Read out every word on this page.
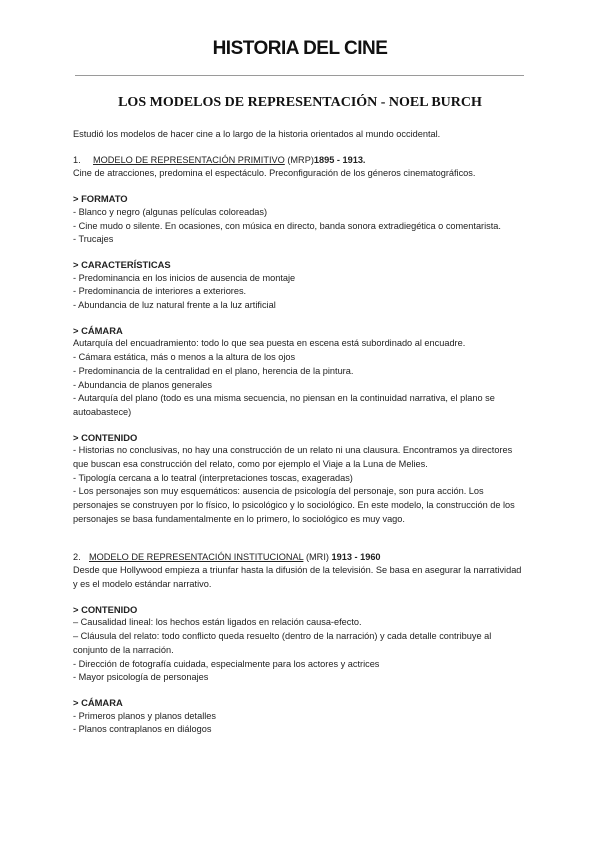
HISTORIA DEL CINE
LOS MODELOS DE REPRESENTACIÓN - NOEL BURCH

Estudió los modelos de hacer cine a lo largo de la historia orientados al mundo occidental.

1. MODELO DE REPRESENTACIÓN PRIMITIVO (MRP)1895 - 1913.

Cine de atracciones, predomina el espectáculo. Preconfiguración de los géneros cinematográficos.

> FORMATO

- Blanco y negro (algunas películas coloreadas)

- Cine mudo o silente. En ocasiones, con música en directo, banda sonora extradiegética o comentarista.

- Trucajes

> CARACTERÍSTICAS

- Predominancia en los inicios de ausencia de montaje

- Predominancia de interiores a exteriores.

- Abundancia de luz natural frente a la luz artificial

> CÁMARA

Autarquía del encuadramiento: todo lo que sea puesta en escena está subordinado al encuadre.

- Cámara estática, más o menos a la altura de los ojos

- Predominancia de la centralidad en el plano, herencia de la pintura.

- Abundancia de planos generales

- Autarquía del plano (todo es una misma secuencia, no piensan en la continuidad narrativa, el plano se autoabastece)

> CONTENIDO

- Historias no conclusivas, no hay una construcción de un relato ni una clausura. Encontramos ya directores que buscan esa construcción del relato, como por ejemplo el Viaje a la Luna de Melies.

- Tipología cercana a lo teatral (interpretaciones toscas, exageradas)

- Los personajes son muy esquemáticos: ausencia de psicología del personaje, son pura acción. Los personajes se construyen por lo físico, lo psicológico y lo sociológico. En este modelo, la construcción de los personajes se basa fundamentalmente en lo primero, lo sociológico es muy vago.

2. MODELO DE REPRESENTACIÓN INSTITUCIONAL (MRI) 1913 - 1960

Desde que Hollywood empieza a triunfar hasta la difusión de la televisión. Se basa en asegurar la narratividad y es el modelo estándar narrativo.

> CONTENIDO

– Causalidad lineal: los hechos están ligados en relación causa-efecto.

– Cláusula del relato: todo conflicto queda resuelto (dentro de la narración) y cada detalle contribuye al conjunto de la narración.

- Dirección de fotografía cuidada, especialmente para los actores y actrices

- Mayor psicología de personajes

> CÁMARA

- Primeros planos y planos detalles

- Planos contraplanos en diálogos
